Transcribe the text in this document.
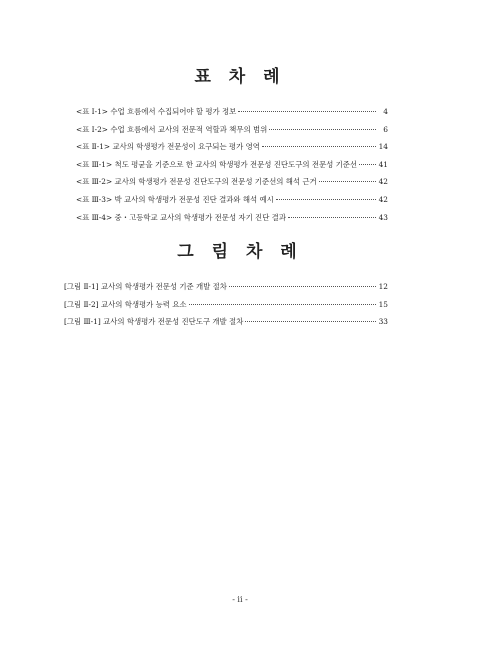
표 차 례
<표 Ⅰ-1> 수업 흐름에서 수집되어야 할 평가 정보	4
<표 Ⅰ-2> 수업 흐름에서 교사의 전문적 역할과 책무의 범위	6
<표 Ⅱ-1> 교사의 학생평가 전문성이 요구되는 평가 영역	14
<표 Ⅲ-1> 척도 평균을 기준으로 한 교사의 학생평가 전문성 진단도구의 전문성 기준선	41
<표 Ⅲ-2> 교사의 학생평가 전문성 진단도구의 전문성 기준선의 해석 근거	42
<표 Ⅲ-3> 박 교사의 학생평가 전문성 진단 결과와 해석 예시	42
<표 Ⅲ-4> 중・고등학교 교사의 학생평가 전문성 자기 진단 결과	43
그 림 차 례
[그림 Ⅱ-1] 교사의 학생평가 전문성 기준 개발 절차	12
[그림 Ⅱ-2] 교사의 학생평가 능력 요소	15
[그림 Ⅲ-1] 교사의 학생평가 전문성 진단도구 개발 절차	33
- ii -
